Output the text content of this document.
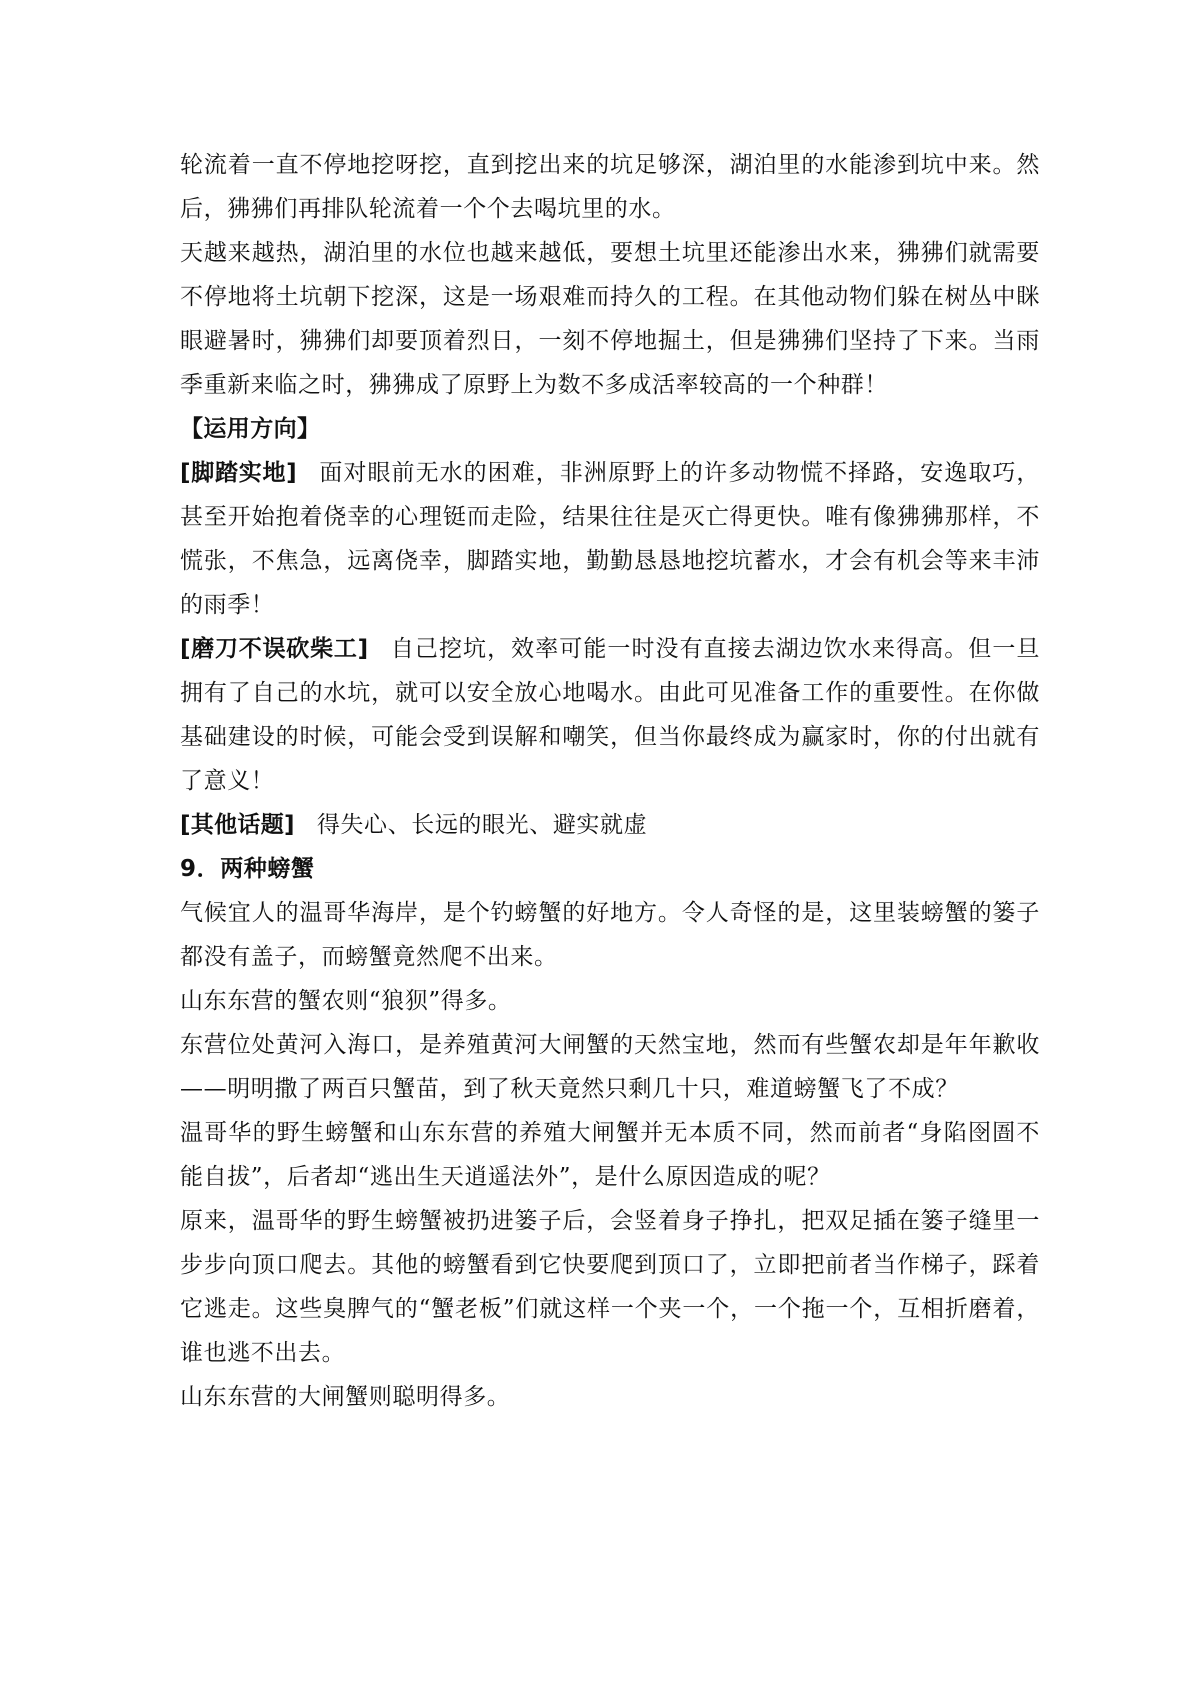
轮流着一直不停地挖呀挖，直到挖出来的坑足够深，湖泊里的水能渗到坑中来。然后，狒狒们再排队轮流着一个个去喝坑里的水。

天越来越热，湖泊里的水位也越来越低，要想土坑里还能渗出水来，狒狒们就需要不停地将土坑朝下挖深，这是一场艰难而持久的工程。在其他动物们躲在树丛中眯眼避暑时，狒狒们却要顶着烈日，一刻不停地掘土，但是狒狒们坚持了下来。当雨季重新来临之时，狒狒成了原野上为数不多成活率较高的一个种群！

【运用方向】

[脚踏实地] 面对眼前无水的困难，非洲原野上的许多动物慌不择路，安逸取巧，甚至开始抱着侥幸的心理铤而走险，结果往往是灭亡得更快。唯有像狒狒那样，不慌张，不焦急，远离侥幸，脚踏实地，勤勤恳恳地挖坑蓄水，才会有机会等来丰沛的雨季！

[磨刀不误砍柴工] 自己挖坑，效率可能一时没有直接去湖边饮水来得高。但一旦拥有了自己的水坑，就可以安全放心地喝水。由此可见准备工作的重要性。在你做基础建设的时候，可能会受到误解和嘲笑，但当你最终成为赢家时，你的付出就有了意义！

[其他话题] 得失心、长远的眼光、避实就虚

9．两种螃蟹

气候宜人的温哥华海岸，是个钓螃蟹的好地方。令人奇怪的是，这里装螃蟹的篓子都没有盖子，而螃蟹竟然爬不出来。

山东东营的蟹农则“狼狈”得多。

东营位处黄河入海口，是养殖黄河大闸蟹的天然宝地，然而有些蟹农却是年年歉收——明明撒了两百只蟹苗，到了秋天竟然只剩几十只，难道螃蟹飞了不成？

温哥华的野生螃蟹和山东东营的养殖大闸蟹并无本质不同，然而前者“身陷囹圄不能自拔”，后者却“逃出生天逍遥法外”，是什么原因造成的呢？

原来，温哥华的野生螃蟹被扔进篓子后，会竖着身子挣扎，把双足插在篓子缝里一步步向顶口爬去。其他的螃蟹看到它快要爬到顶口了，立即把前者当作梯子，踩着它逃走。这些臭脾气的“蟹老板”们就这样一个夹一个，一个拖一个，互相折磨着，谁也逃不出去。

山东东营的大闸蟹则聪明得多。
